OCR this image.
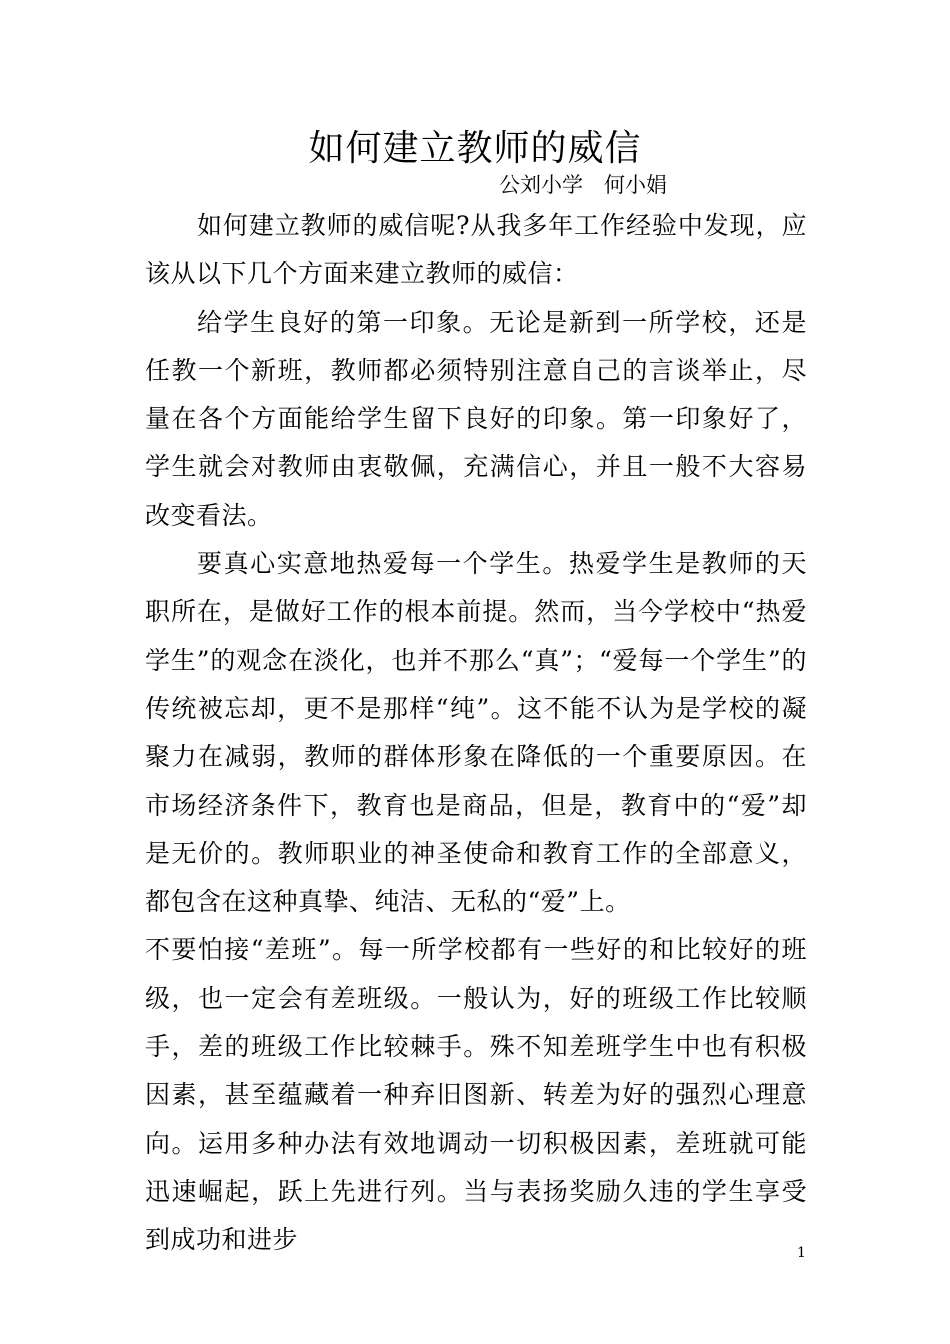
如何建立教师的威信
公刘小学　何小娟

如何建立教师的威信呢?从我多年工作经验中发现，应该从以下几个方面来建立教师的威信：

给学生良好的第一印象。无论是新到一所学校，还是任教一个新班，教师都必须特别注意自己的言谈举止，尽量在各个方面能给学生留下良好的印象。第一印象好了，学生就会对教师由衷敬佩，充满信心，并且一般不大容易改变看法。

要真心实意地热爱每一个学生。热爱学生是教师的天职所在，是做好工作的根本前提。然而，当今学校中“热爱学生”的观念在淡化，也并不那么“真”；“爱每一个学生”的传统被忘却，更不是那样“纯”。这不能不认为是学校的凝聚力在减弱，教师的群体形象在降低的一个重要原因。在市场经济条件下，教育也是商品，但是，教育中的“爱”却是无价的。教师职业的神圣使命和教育工作的全部意义，都包含在这种真挚、纯洁、无私的“爱”上。

不要怕接“差班”。每一所学校都有一些好的和比较好的班级，也一定会有差班级。一般认为，好的班级工作比较顺手，差的班级工作比较棘手。殊不知差班学生中也有积极因素，甚至蕴藏着一种弃旧图新、转差为好的强烈心理意向。运用多种办法有效地调动一切积极因素，差班就可能迅速崛起，跃上先进行列。当与表扬奖励久违的学生享受到成功和进步	1
